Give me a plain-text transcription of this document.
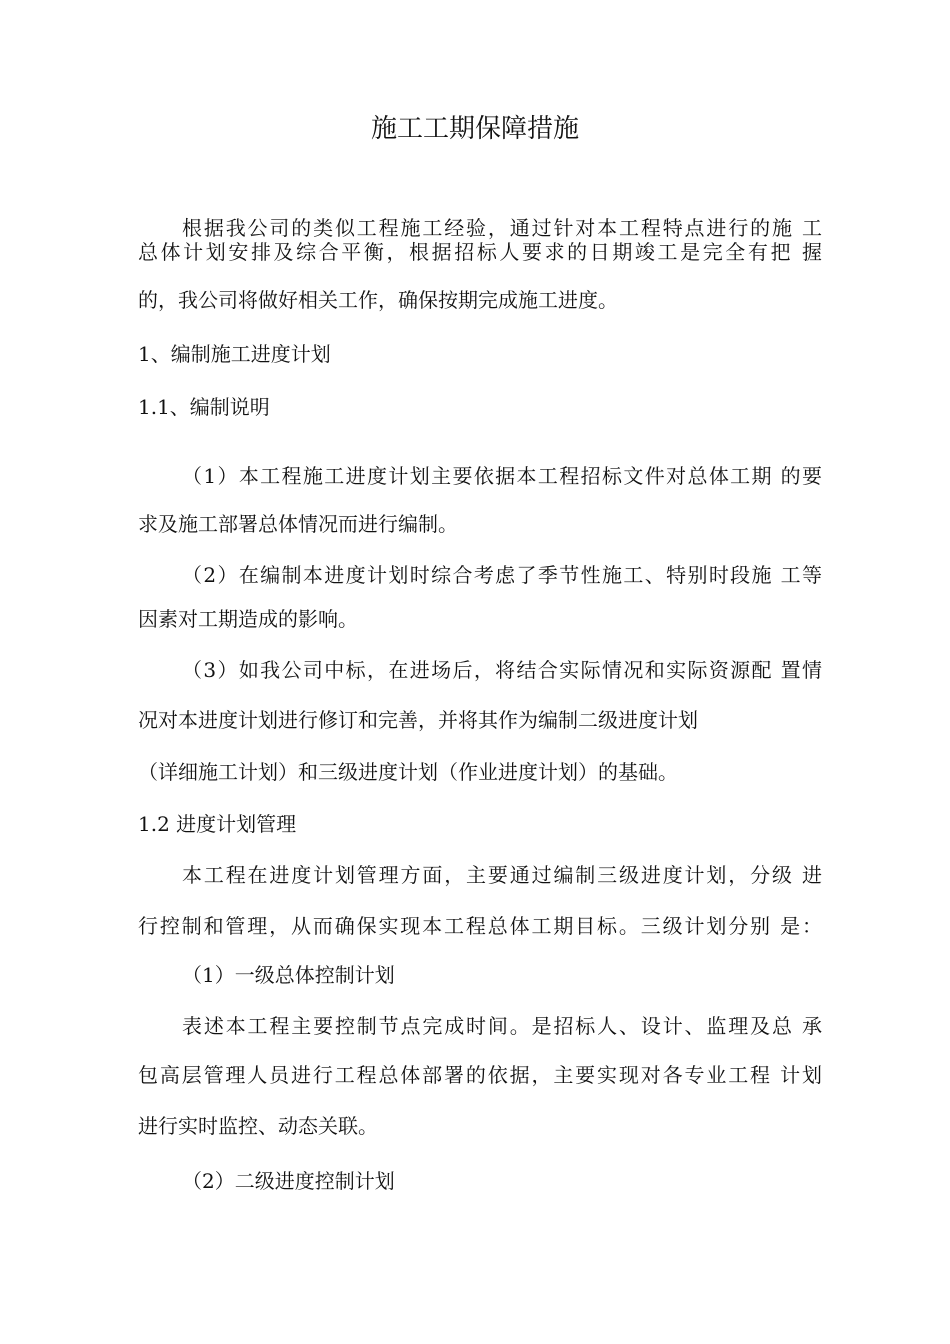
施工工期保障措施
根据我公司的类似工程施工经验，通过针对本工程特点进行的施 工
总体计划安排及综合平衡，根据招标人要求的日期竣工是完全有把 握
的，我公司将做好相关工作，确保按期完成施工进度。
1、编制施工进度计划
1.1、编制说明
（1）本工程施工进度计划主要依据本工程招标文件对总体工期 的要
求及施工部署总体情况而进行编制。
（2）在编制本进度计划时综合考虑了季节性施工、特别时段施 工等
因素对工期造成的影响。
（3）如我公司中标，在进场后，将结合实际情况和实际资源配 置情
况对本进度计划进行修订和完善，并将其作为编制二级进度计划
（详细施工计划）和三级进度计划（作业进度计划）的基础。
1.2 进度计划管理
本工程在进度计划管理方面，主要通过编制三级进度计划，分级 进
行控制和管理，从而确保实现本工程总体工期目标。三级计划分别 是：
（1）一级总体控制计划
表述本工程主要控制节点完成时间。是招标人、设计、监理及总 承
包高层管理人员进行工程总体部署的依据，主要实现对各专业工程 计划
进行实时监控、动态关联。
（2）二级进度控制计划
